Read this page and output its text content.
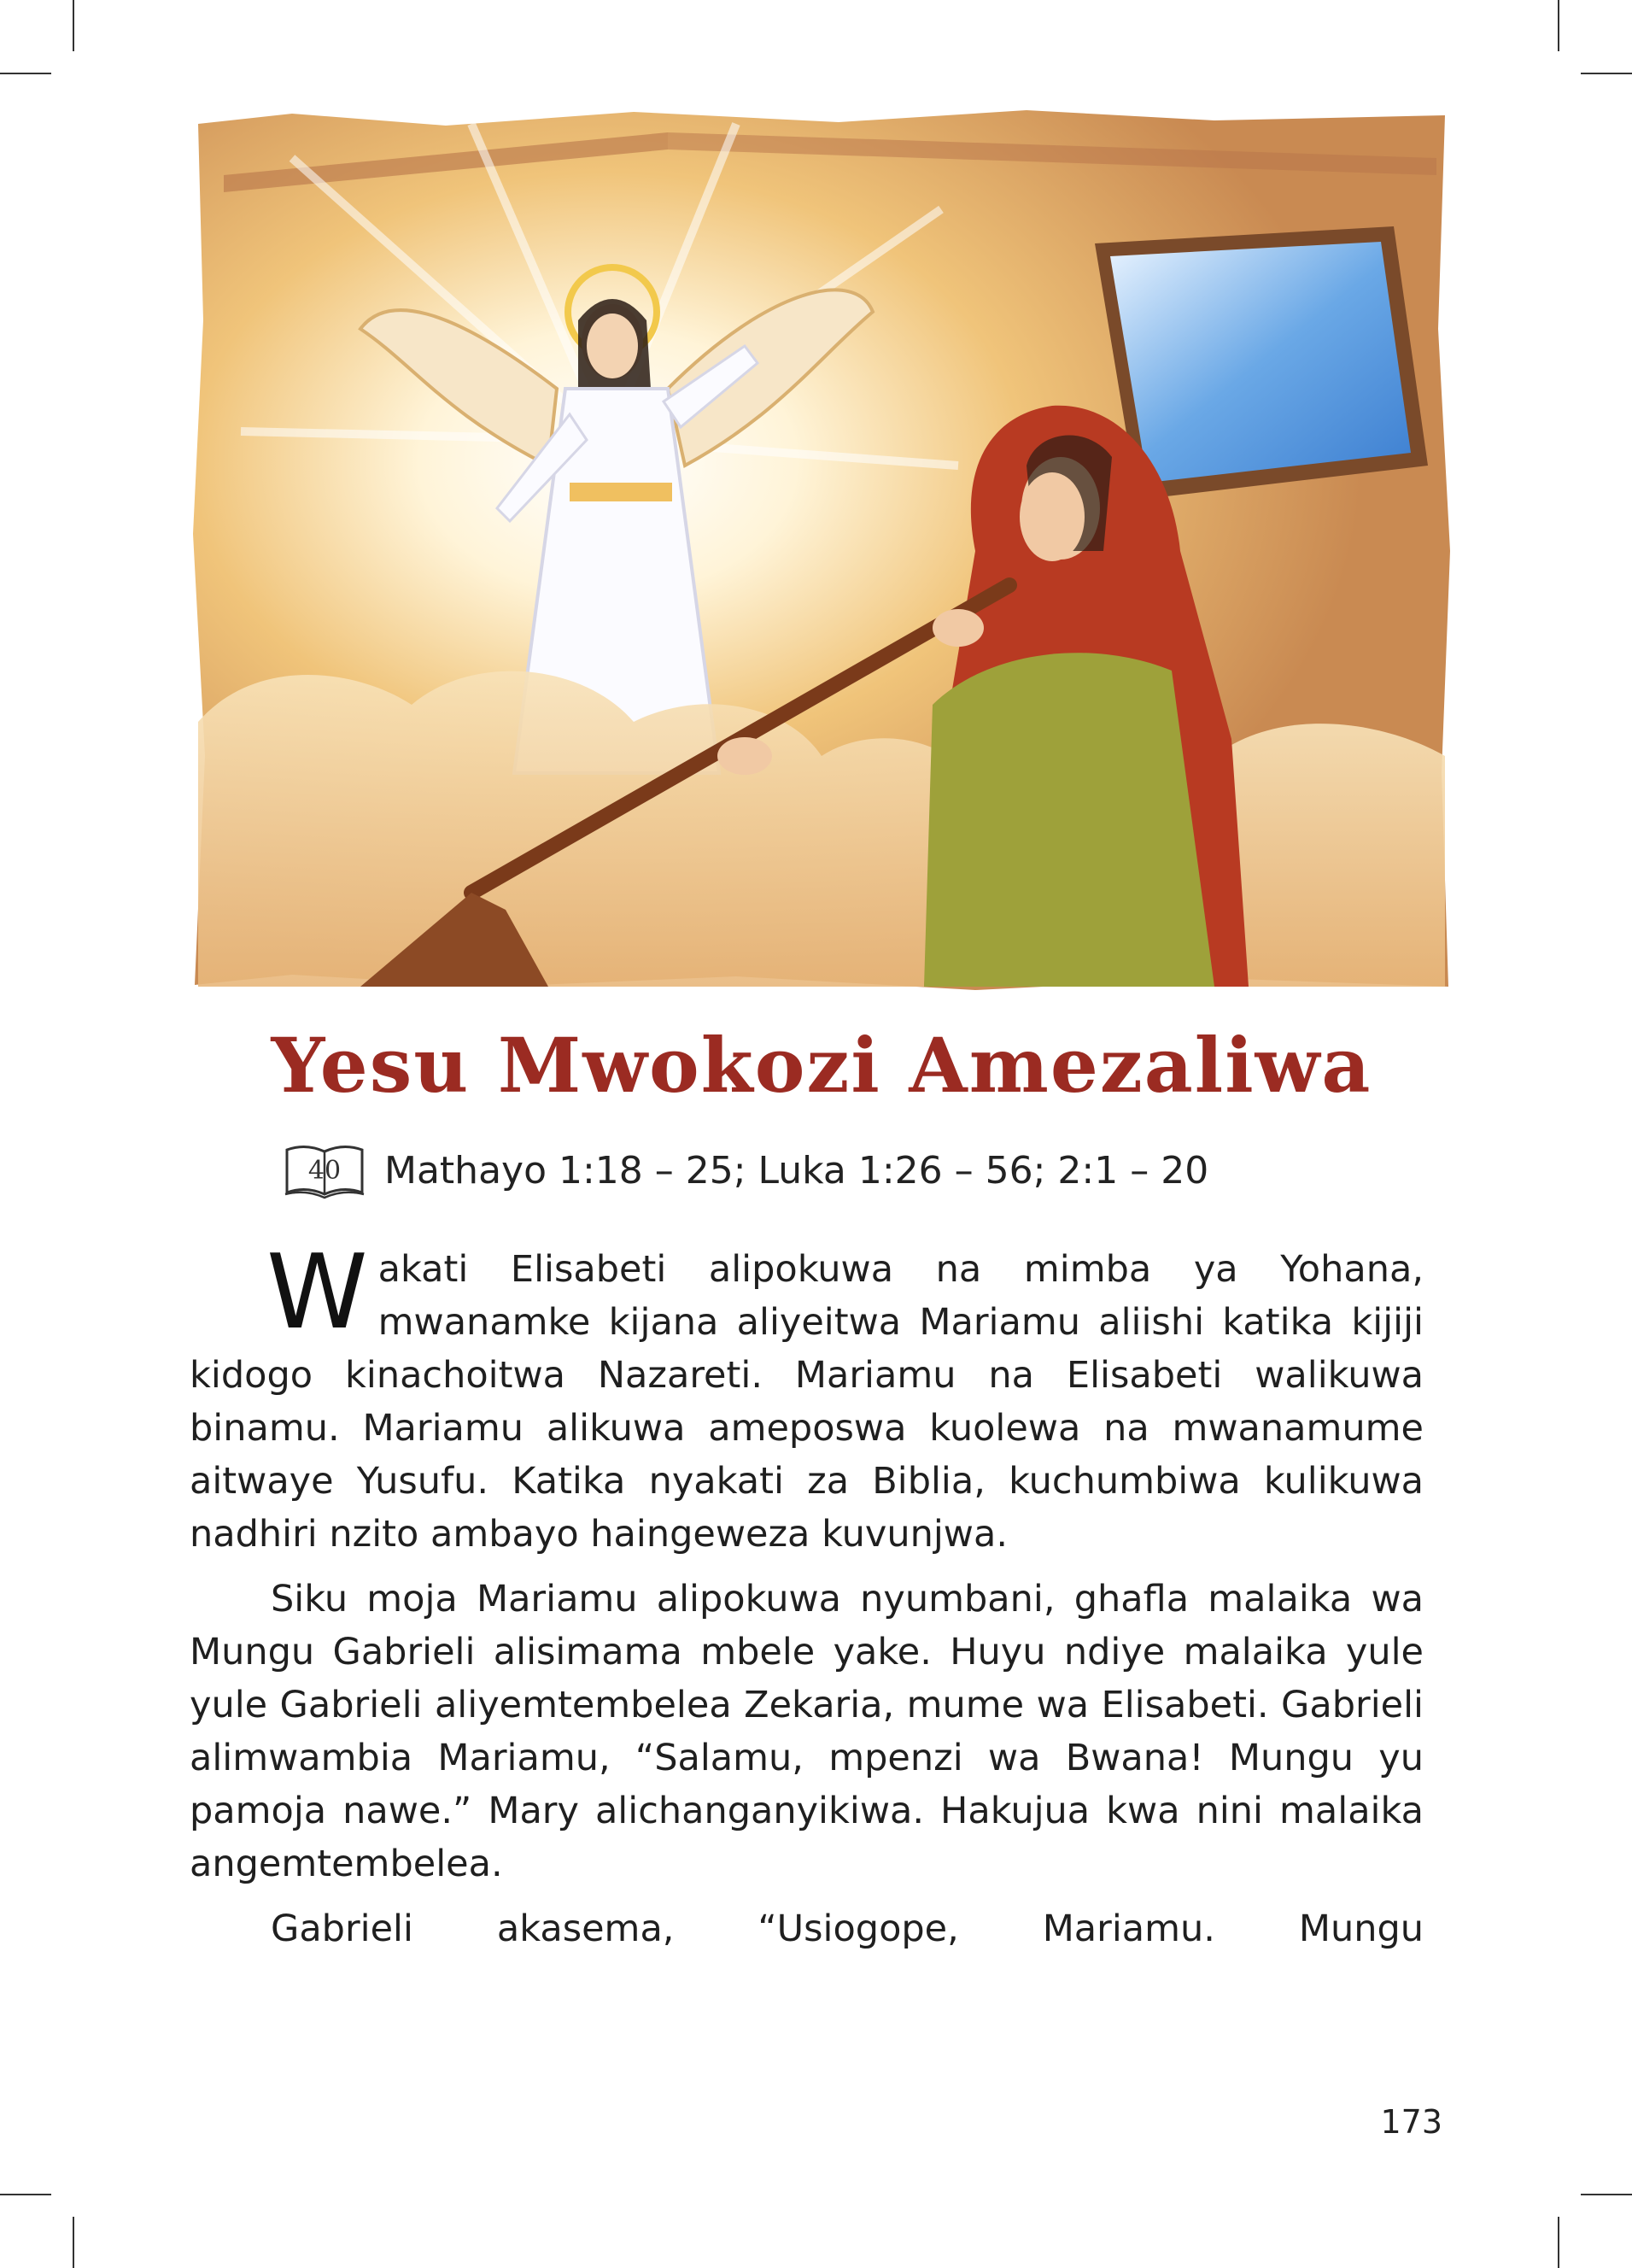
Yesu Mwokozi Amezaliwa
40 Mathayo 1:18 – 25; Luka 1:26 – 56; 2:1 – 20

W akati Elisabeti alipokuwa na mimba ya Yohana, mwanamke kijana aliyeitwa Mariamu aliishi katika kijiji kidogo kinachoitwa Nazareti. Mariamu na Elisabeti walikuwa binamu. Mariamu alikuwa ameposwa kuolewa na mwanamume aitwaye Yusufu. Katika nyakati za Biblia, kuchumbiwa kulikuwa nadhiri nzito ambayo haingeweza kuvunjwa.

Siku moja Mariamu alipokuwa nyumbani, ghafla malaika wa Mungu Gabrieli alisimama mbele yake. Huyu ndiye malaika yule yule Gabrieli aliyemtembelea Zekaria, mume wa Elisabeti. Gabrieli alimwambia Mariamu, “Salamu, mpenzi wa Bwana! Mungu yu pamoja nawe.” Mary alichanganyikiwa. Hakujua kwa nini malaika angemtembelea.

Gabrieli akasema, “Usiogope, Mariamu. Mungu

173
